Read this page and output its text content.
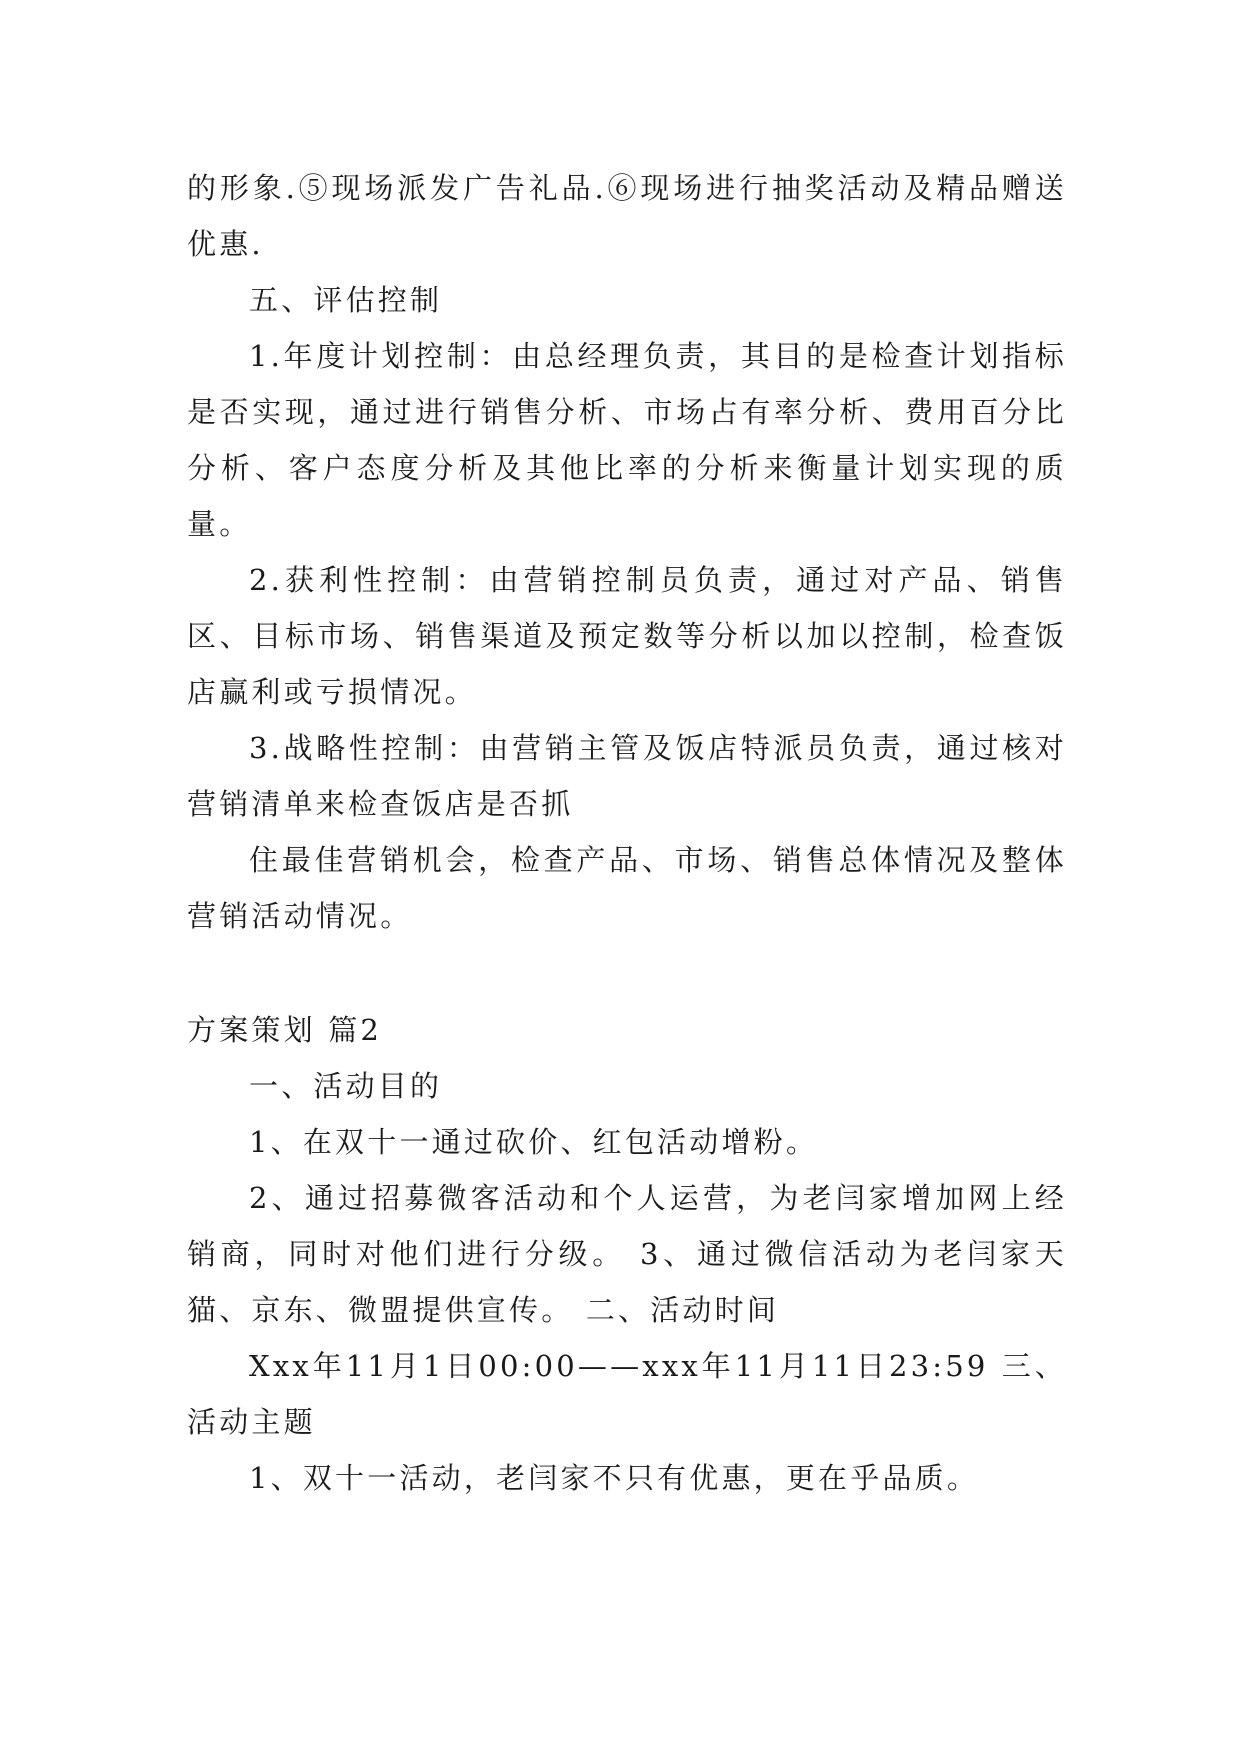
的形象.⑤现场派发广告礼品.⑥现场进行抽奖活动及精品赠送优惠.

五、评估控制

1.年度计划控制：由总经理负责，其目的是检查计划指标是否实现，通过进行销售分析、市场占有率分析、费用百分比分析、客户态度分析及其他比率的分析来衡量计划实现的质量。

2.获利性控制：由营销控制员负责，通过对产品、销售区、目标市场、销售渠道及预定数等分析以加以控制，检查饭店赢利或亏损情况。

3.战略性控制：由营销主管及饭店特派员负责，通过核对营销清单来检查饭店是否抓

住最佳营销机会，检查产品、市场、销售总体情况及整体营销活动情况。

方案策划 篇2

一、活动目的

1、在双十一通过砍价、红包活动增粉。

2、通过招募微客活动和个人运营，为老闫家增加网上经销商，同时对他们进行分级。 3、通过微信活动为老闫家天猫、京东、微盟提供宣传。 二、活动时间

Xxx年11月1日00:00——xxx年11月11日23:59 三、活动主题

1、双十一活动，老闫家不只有优惠，更在乎品质。
